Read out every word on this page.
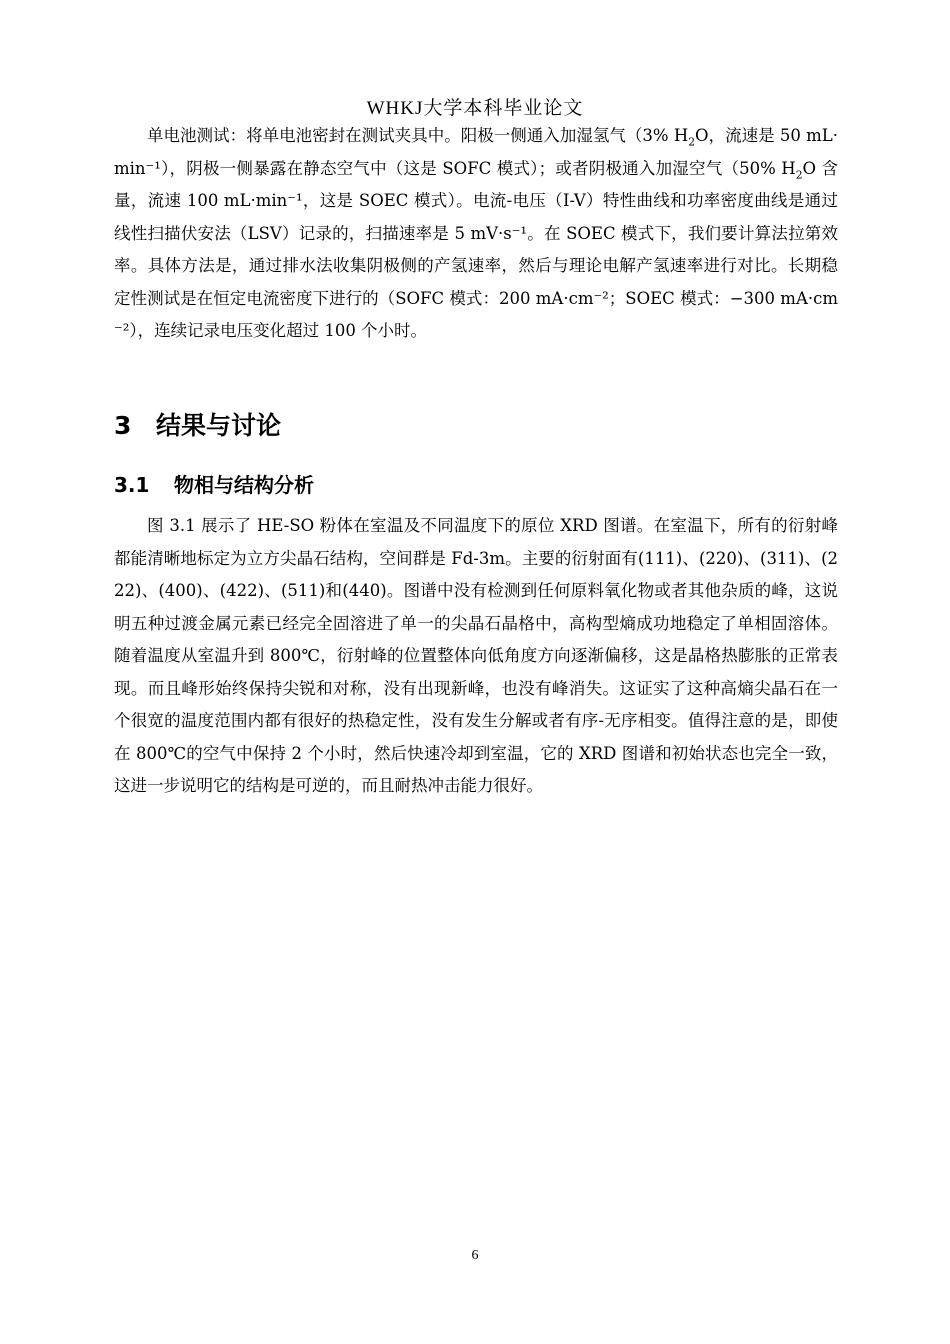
WHKJ大学本科毕业论文

单电池测试：将单电池密封在测试夹具中。阳极一侧通入加湿氢气（3% $H_2O$，流速是 50 mL·min⁻¹），阴极一侧暴露在静态空气中（这是 SOFC 模式）；或者阴极通入加湿空气（50% $H_2O$ 含量，流速 100 mL·min⁻¹，这是 SOEC 模式）。电流-电压（I-V）特性曲线和功率密度曲线是通过线性扫描伏安法（LSV）记录的，扫描速率是 5 mV·s⁻¹。在 SOEC 模式下，我们要计算法拉第效率。具体方法是，通过排水法收集阴极侧的产氢速率，然后与理论电解产氢速率进行对比。长期稳定性测试是在恒定电流密度下进行的（SOFC 模式：200 mA·cm⁻²；SOEC 模式：−300 mA·cm⁻²），连续记录电压变化超过 100 个小时。

3 结果与讨论
3.1 物相与结构分析

图 3.1 展示了 HE-SO 粉体在室温及不同温度下的原位 XRD 图谱。在室温下，所有的衍射峰都能清晰地标定为立方尖晶石结构，空间群是 Fd-3m。主要的衍射面有(111)、(220)、(311)、(222)、(400)、(422)、(511)和(440)。图谱中没有检测到任何原料氧化物或者其他杂质的峰，这说明五种过渡金属元素已经完全固溶进了单一的尖晶石晶格中，高构型熵成功地稳定了单相固溶体。随着温度从室温升到 800℃，衍射峰的位置整体向低角度方向逐渐偏移，这是晶格热膨胀的正常表现。而且峰形始终保持尖锐和对称，没有出现新峰，也没有峰消失。这证实了这种高熵尖晶石在一个很宽的温度范围内都有很好的热稳定性，没有发生分解或者有序-无序相变。值得注意的是，即使在 800℃的空气中保持 2 个小时，然后快速冷却到室温，它的 XRD 图谱和初始状态也完全一致，这进一步说明它的结构是可逆的，而且耐热冲击能力很好。

6
